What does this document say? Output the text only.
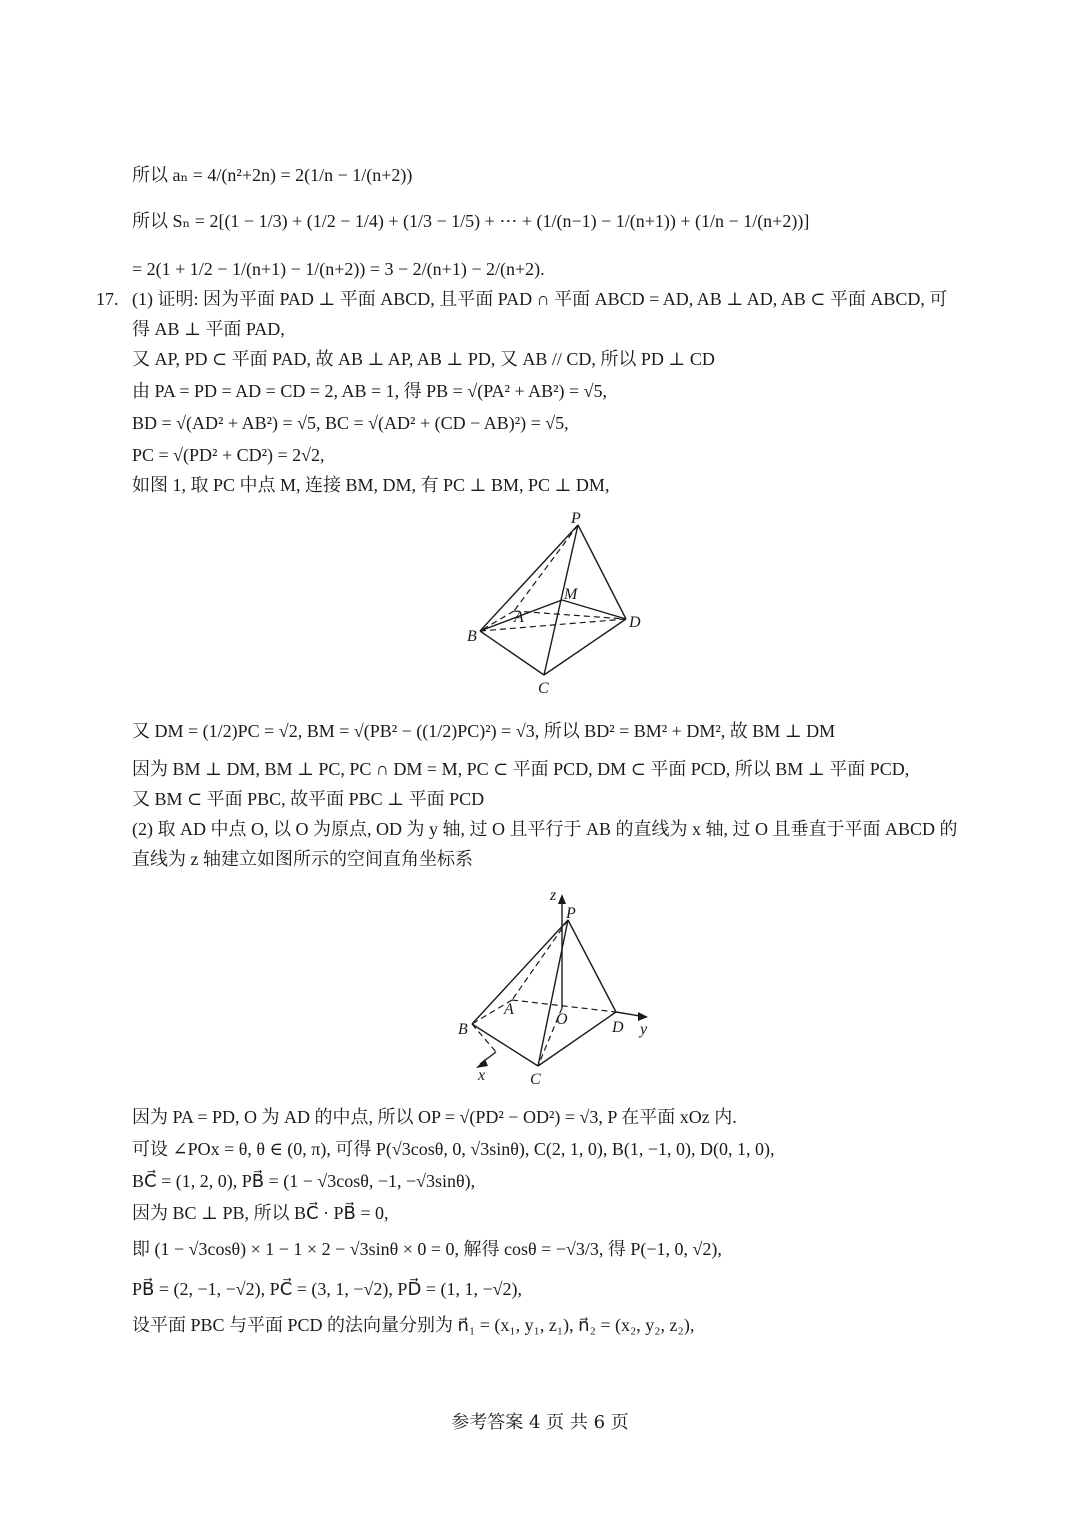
所以 aₙ = 4/(n²+2n) = 2(1/n − 1/(n+2))
所以 Sₙ = 2[(1 − 1/3) + (1/2 − 1/4) + (1/3 − 1/5) + ⋯ + (1/(n−1) − 1/(n+1)) + (1/n − 1/(n+2))]
= 2(1 + 1/2 − 1/(n+1) − 1/(n+2)) = 3 − 2/(n+1) − 2/(n+2).
17. (1) 证明: 因为平面 PAD ⊥ 平面 ABCD, 且平面 PAD ∩ 平面 ABCD = AD, AB ⊥ AD, AB ⊂ 平面 ABCD, 可
得 AB ⊥ 平面 PAD,
又 AP, PD ⊂ 平面 PAD, 故 AB ⊥ AP, AB ⊥ PD, 又 AB // CD, 所以 PD ⊥ CD
由 PA = PD = AD = CD = 2, AB = 1, 得 PB = √(PA² + AB²) = √5,
BD = √(AD² + AB²) = √5, BC = √(AD² + (CD − AB)²) = √5,
PC = √(PD² + CD²) = 2√2,
如图 1, 取 PC 中点 M, 连接 BM, DM, 有 PC ⊥ BM, PC ⊥ DM,
P
M
A
B
D
C
又 DM = (1/2)PC = √2, BM = √(PB² − ((1/2)PC)²) = √3, 所以 BD² = BM² + DM², 故 BM ⊥ DM
因为 BM ⊥ DM, BM ⊥ PC, PC ∩ DM = M, PC ⊂ 平面 PCD, DM ⊂ 平面 PCD, 所以 BM ⊥ 平面 PCD,
又 BM ⊂ 平面 PBC, 故平面 PBC ⊥ 平面 PCD
(2) 取 AD 中点 O, 以 O 为原点, OD 为 y 轴, 过 O 且平行于 AB 的直线为 x 轴, 过 O 且垂直于平面 ABCD 的
直线为 z 轴建立如图所示的空间直角坐标系
z
P
A
O
B	D y
x	C
因为 PA = PD, O 为 AD 的中点, 所以 OP = √(PD² − OD²) = √3, P 在平面 xOz 内.
可设 ∠POx = θ, θ ∈ (0, π), 可得 P(√3cosθ, 0, √3sinθ), C(2, 1, 0), B(1, −1, 0), D(0, 1, 0),
BC⃗ = (1, 2, 0), PB⃗ = (1 − √3cosθ, −1, −√3sinθ),
因为 BC ⊥ PB, 所以 BC⃗ · PB⃗ = 0,
即 (1 − √3cosθ) × 1 − 1 × 2 − √3sinθ × 0 = 0, 解得 cosθ = −√3/3, 得 P(−1, 0, √2),
PB⃗ = (2, −1, −√2), PC⃗ = (3, 1, −√2), PD⃗ = (1, 1, −√2),
设平面 PBC 与平面 PCD 的法向量分别为 n⃗₁ = (x₁, y₁, z₁), n⃗₂ = (x₂, y₂, z₂),
参考答案 4 页 共 6 页
